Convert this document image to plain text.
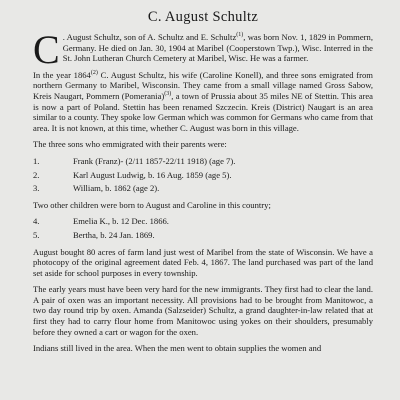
C. August Schultz

C . August Schultz, son of A. Schultz and E. Schultz$^{(1)}$, was born Nov. 1, 1829 in Pommern, Germany. He died on Jan. 30, 1904 at Maribel (Cooperstown Twp.), Wisc. Interred in the St. John Lutheran Church Cemetery at Maribel, Wisc. He was a farmer.

In the year 1864$^{(2)}$ C. August Schultz, his wife (Caroline Konell), and three sons emigrated from northern Germany to Maribel, Wisconsin. They came from a small village named Gross Sabow, Kreis Naugart, Pommern (Pomerania)$^{(3)}$, a town of Prussia about 35 miles NE of Stettin. This area is now a part of Poland. Stettin has been renamed Szczecin. Kreis (District) Naugart is an area similar to a county. They spoke low German which was common for Germans who came from that area. It is not known, at this time, whether C. August was born in this village.

The three sons who emmigrated with their parents were:

1.	Frank (Franz)- (2/11 1857-22/11 1918) (age 7).
2.	Karl August Ludwig, b. 16 Aug. 1859 (age 5).
3.	William, b. 1862 (age 2).

Two other children were born to August and Caroline in this country;

4.	Emelia K., b. 12 Dec. 1866.
5.	Bertha, b. 24 Jan. 1869.

August bought 80 acres of farm land just west of Maribel from the state of Wisconsin. We have a photocopy of the original agreement dated Feb. 4, 1867. The land purchased was part of the land set aside for school purposes in every township.

The early years must have been very hard for the new immigrants. They first had to clear the land. A pair of oxen was an important necessity. All provisions had to be brought from Manitowoc, a two day round trip by oxen. Amanda (Salzseider) Schultz, a grand daughter-in-law related that at first they had to carry flour home from Manitowoc using yokes on their shoulders, presumably before they owned a cart or wagon for the oxen.

Indians still lived in the area. When the men went to obtain supplies the women and
